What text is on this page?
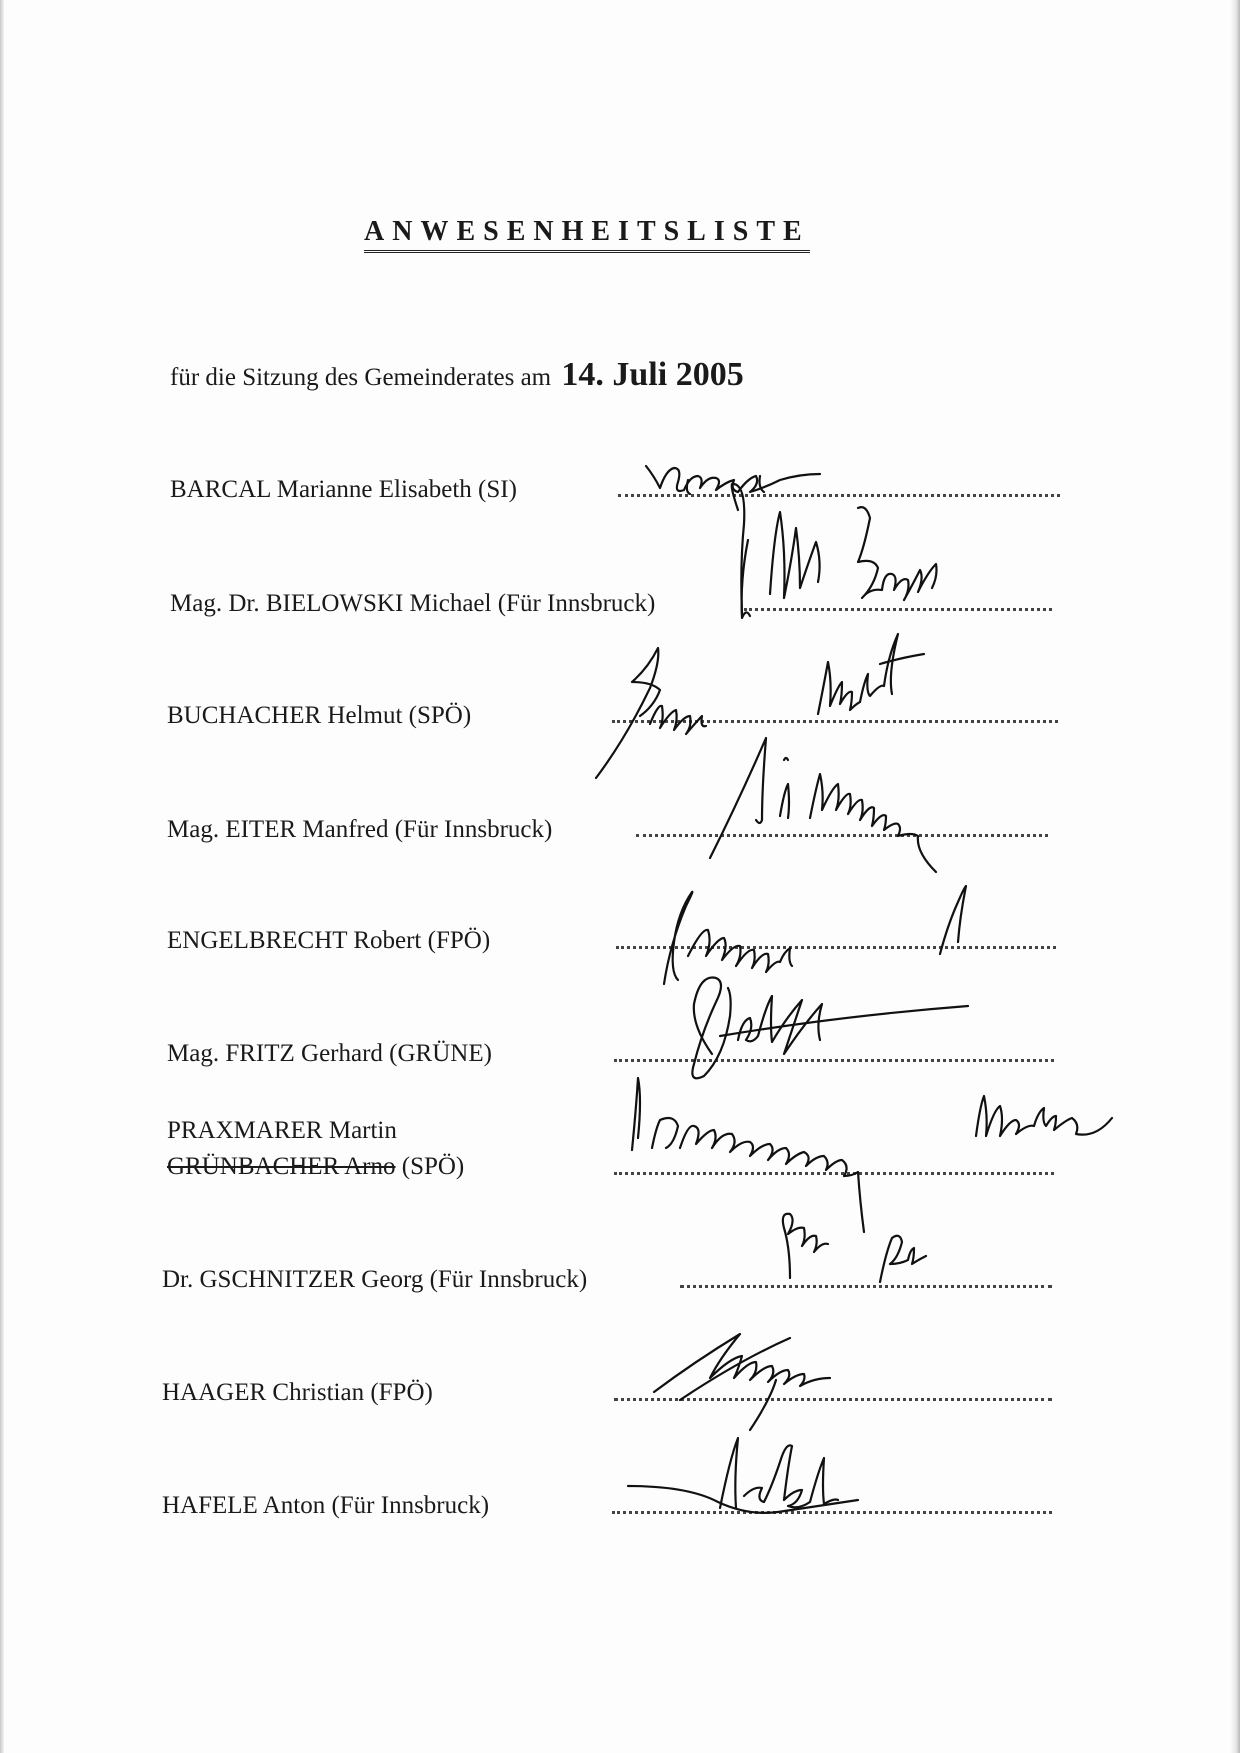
ANWESENHEITSLISTE
für die Sitzung des Gemeinderates am 14. Juli 2005
BARCAL Marianne Elisabeth (SI)
Mag. Dr. BIELOWSKI Michael (Für Innsbruck)
BUCHACHER Helmut (SPÖ)
Mag. EITER Manfred (Für Innsbruck)
ENGELBRECHT Robert (FPÖ)
Mag. FRITZ Gerhard (GRÜNE)
PRAXMARER Martin
GRÜNBACHER Arno (SPÖ)
Dr. GSCHNITZER Georg (Für Innsbruck)
HAAGER Christian (FPÖ)
HAFELE Anton (Für Innsbruck)
